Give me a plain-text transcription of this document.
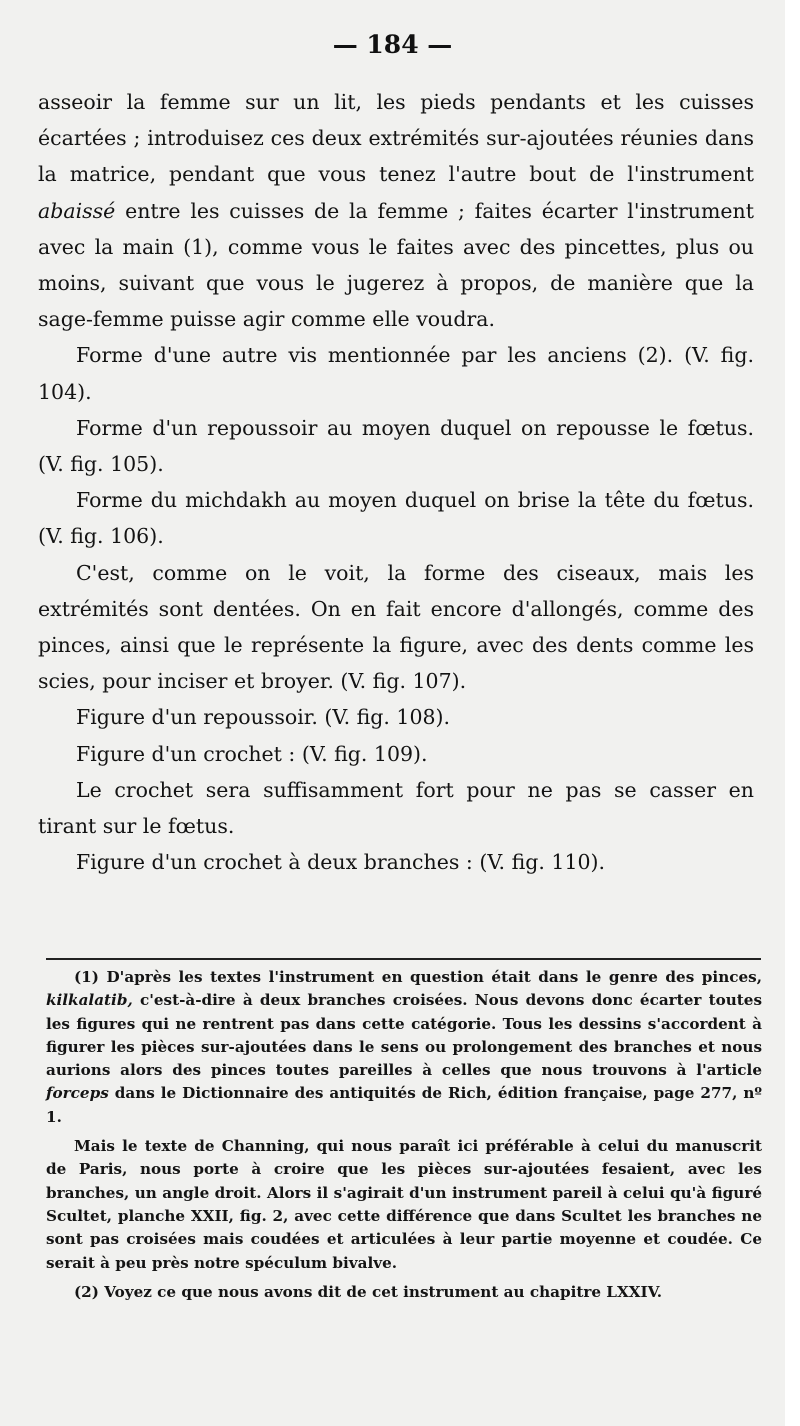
— 184 —

asseoir la femme sur un lit, les pieds pendants et les cuisses écartées ; introduisez ces deux extrémités sur-ajoutées réunies dans la matrice, pendant que vous tenez l'autre bout de l'instrument abaissé entre les cuisses de la femme ; faites écarter l'instrument avec la main (1), comme vous le faites avec des pincettes, plus ou moins, suivant que vous le jugerez à propos, de manière que la sage-femme puisse agir comme elle voudra.

Forme d'une autre vis mentionnée par les anciens (2). (V. fig. 104).

Forme d'un repoussoir au moyen duquel on repousse le fœtus. (V. fig. 105).

Forme du michdakh au moyen duquel on brise la tête du fœtus. (V. fig. 106).

C'est, comme on le voit, la forme des ciseaux, mais les extrémités sont dentées. On en fait encore d'allongés, comme des pinces, ainsi que le représente la figure, avec des dents comme les scies, pour inciser et broyer. (V. fig. 107).

Figure d'un repoussoir. (V. fig. 108).

Figure d'un crochet : (V. fig. 109).

Le crochet sera suffisamment fort pour ne pas se casser en tirant sur le fœtus.

Figure d'un crochet à deux branches : (V. fig. 110).

(1) D'après les textes l'instrument en question était dans le genre des pinces, kilkalatib, c'est-à-dire à deux branches croisées. Nous devons donc écarter toutes les figures qui ne rentrent pas dans cette catégorie. Tous les dessins s'accordent à figurer les pièces sur-ajoutées dans le sens ou prolongement des branches et nous aurions alors des pinces toutes pareilles à celles que nous trouvons à l'article forceps dans le Dictionnaire des antiquités de Rich, édition française, page 277, nº 1.

Mais le texte de Channing, qui nous paraît ici préférable à celui du manuscrit de Paris, nous porte à croire que les pièces sur-ajoutées fesaient, avec les branches, un angle droit. Alors il s'agirait d'un instrument pareil à celui qu'à figuré Scultet, planche XXII, fig. 2, avec cette différence que dans Scultet les branches ne sont pas croisées mais coudées et articulées à leur partie moyenne et coudée. Ce serait à peu près notre spéculum bivalve.

(2) Voyez ce que nous avons dit de cet instrument au chapitre LXXIV.
